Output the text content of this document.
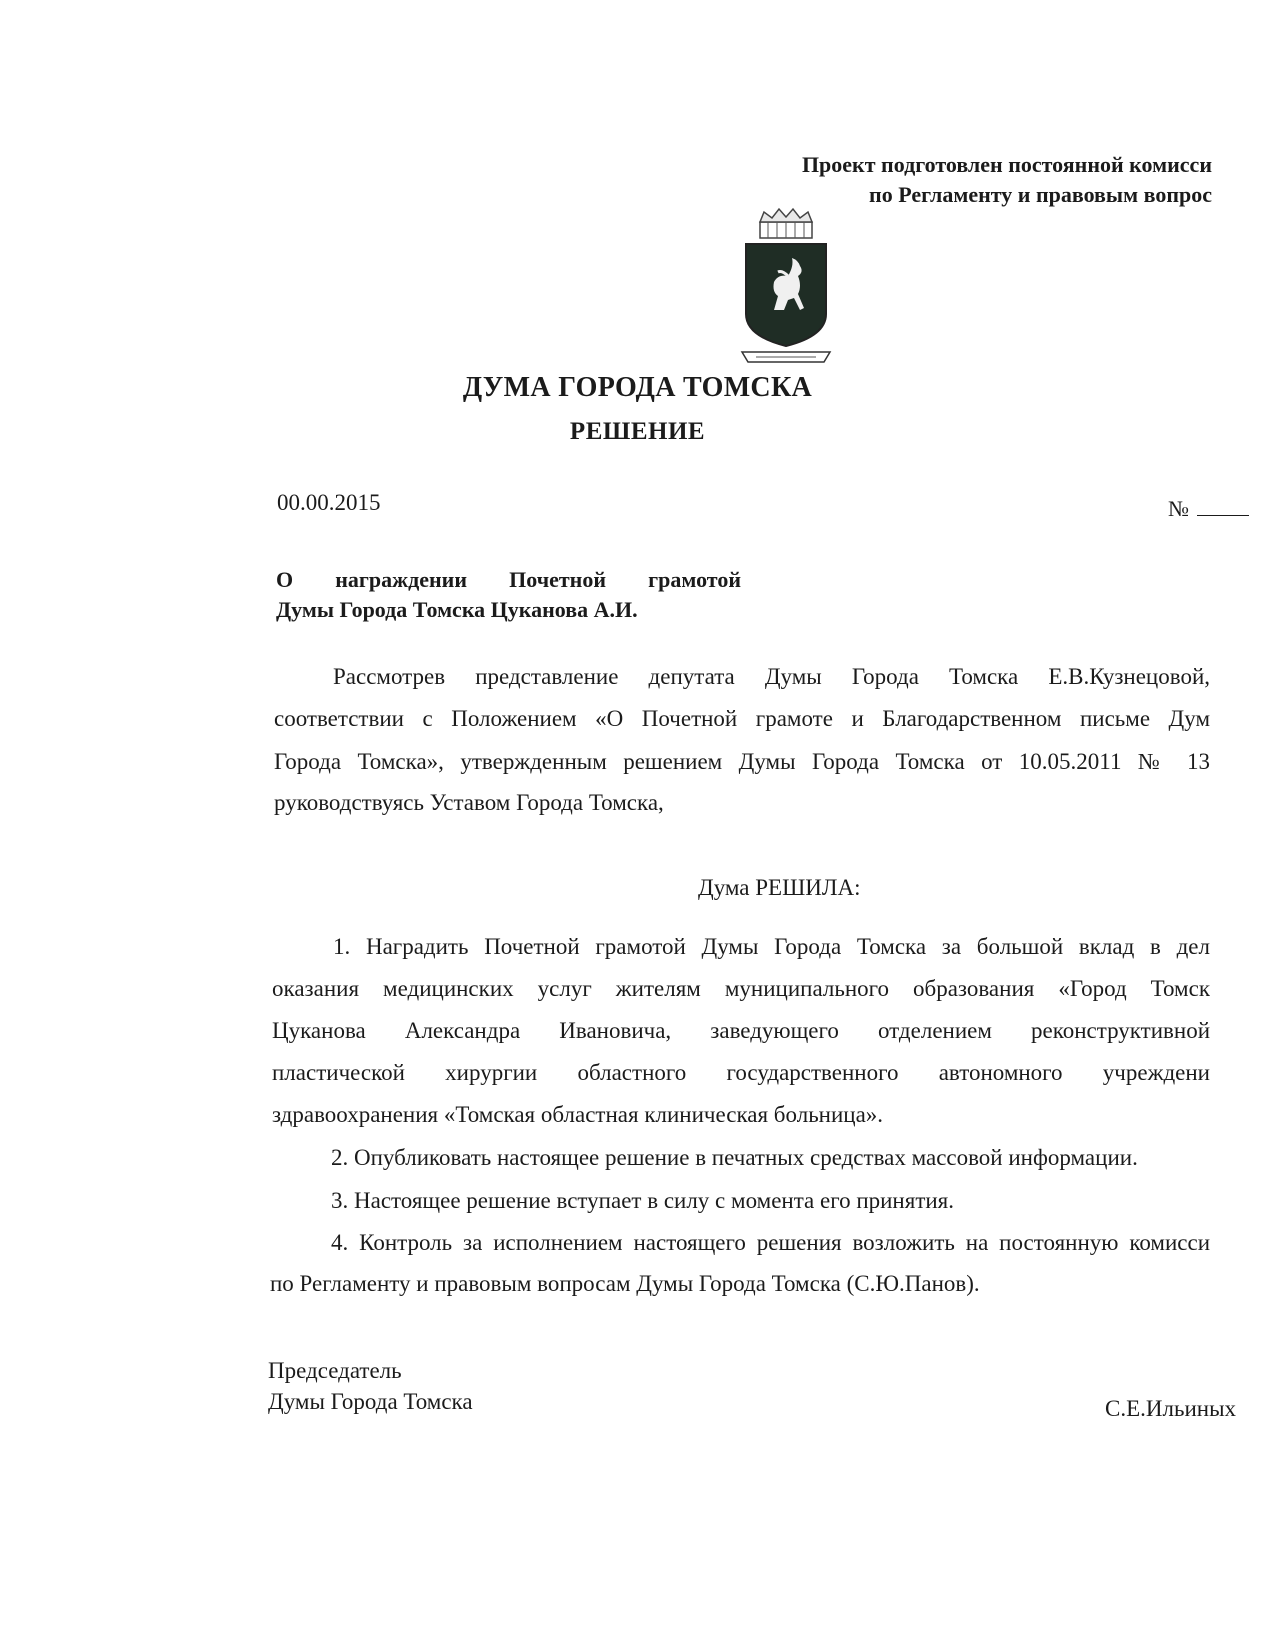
Проект подготовлен постоянной комисси
по Регламенту и правовым вопрос
ДУМА ГОРОДА ТОМСКА
РЕШЕНИЕ
00.00.2015	№
О награждении Почетной грамотой
Думы Города Томска Цуканова А.И.
Рассмотрев представление депутата Думы Города Томска Е.В.Кузнецовой,
соответствии с Положением «О Почетной грамоте и Благодарственном письме Дум
Города Томска», утвержденным решением Думы Города Томска от 10.05.2011 № 13
руководствуясь Уставом Города Томска,
Дума РЕШИЛА:
1. Наградить Почетной грамотой Думы Города Томска за большой вклад в дел
оказания медицинских услуг жителям муниципального образования «Город Томск
Цуканова Александра Ивановича, заведующего отделением реконструктивной
пластической хирургии областного государственного автономного учреждени
здравоохранения «Томская областная клиническая больница».
2. Опубликовать настоящее решение в печатных средствах массовой информации.
3. Настоящее решение вступает в силу с момента его принятия.
4. Контроль за исполнением настоящего решения возложить на постоянную комисси
по Регламенту и правовым вопросам Думы Города Томска (С.Ю.Панов).
Председатель
Думы Города Томска	С.Е.Ильиных
